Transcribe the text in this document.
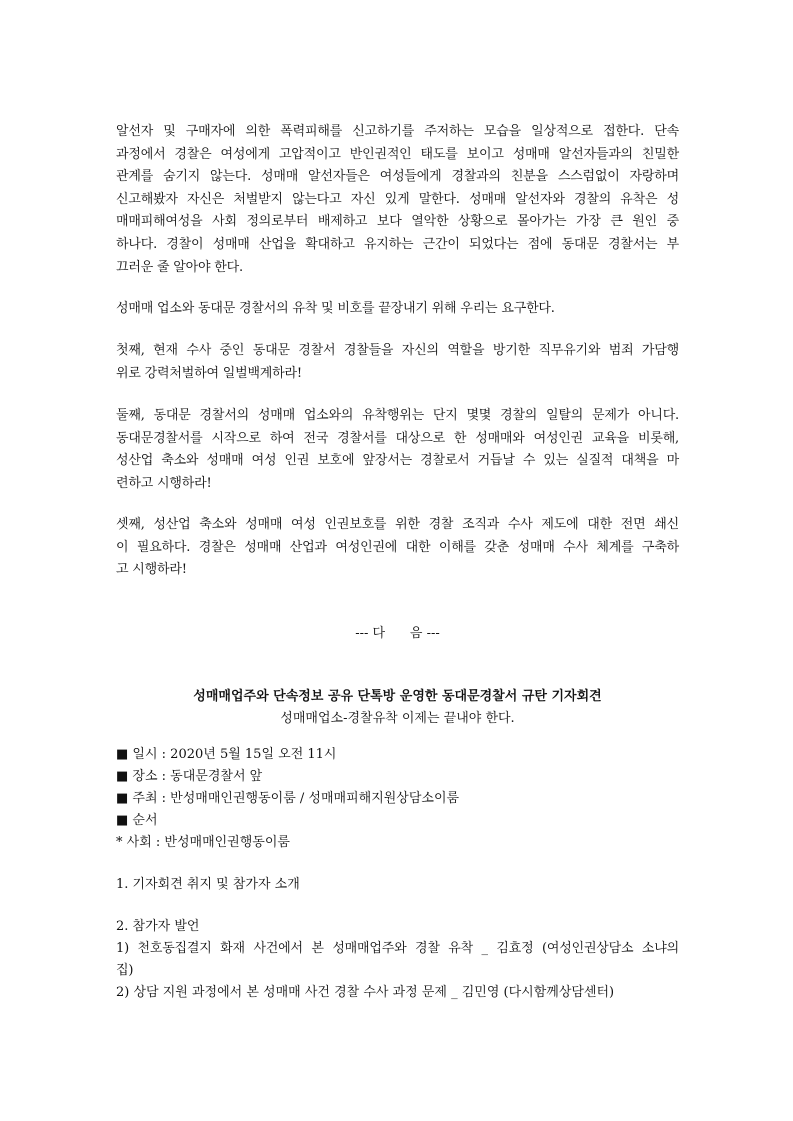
알선자 및 구매자에 의한 폭력피해를 신고하기를 주저하는 모습을 일상적으로 접한다. 단속
과정에서 경찰은 여성에게 고압적이고 반인권적인 태도를 보이고 성매매 알선자들과의 친밀한
관계를 숨기지 않는다. 성매매 알선자들은 여성들에게 경찰과의 친분을 스스럼없이 자랑하며
신고해봤자 자신은 처벌받지 않는다고 자신 있게 말한다. 성매매 알선자와 경찰의 유착은 성
매매피해여성을 사회 정의로부터 배제하고 보다 열악한 상황으로 몰아가는 가장 큰 원인 중
하나다. 경찰이 성매매 산업을 확대하고 유지하는 근간이 되었다는 점에 동대문 경찰서는 부
끄러운 줄 알아야 한다.
성매매 업소와 동대문 경찰서의 유착 및 비호를 끝장내기 위해 우리는 요구한다.
첫째, 현재 수사 중인 동대문 경찰서 경찰들을 자신의 역할을 방기한 직무유기와 범죄 가담행
위로 강력처벌하여 일벌백계하라!
둘째, 동대문 경찰서의 성매매 업소와의 유착행위는 단지 몇몇 경찰의 일탈의 문제가 아니다.
동대문경찰서를 시작으로 하여 전국 경찰서를 대상으로 한 성매매와 여성인권 교육을 비롯해,
성산업 축소와 성매매 여성 인권 보호에 앞장서는 경찰로서 거듭날 수 있는 실질적 대책을 마
련하고 시행하라!
셋째, 성산업 축소와 성매매 여성 인권보호를 위한 경찰 조직과 수사 제도에 대한 전면 쇄신
이 필요하다. 경찰은 성매매 산업과 여성인권에 대한 이해를 갖춘 성매매 수사 체계를 구축하
고 시행하라!

--- 다      음 ---

성매매업주와 단속정보 공유 단톡방 운영한 동대문경찰서 규탄 기자회견

성매매업소-경찰유착 이제는 끝내야 한다.

■ 일시 : 2020년 5월 15일 오전 11시

■ 장소 : 동대문경찰서 앞

■ 주최 : 반성매매인권행동이룸 / 성매매피해지원상담소이룸

■ 순서

* 사회 : 반성매매인권행동이룸

1. 기자회견 취지 및 참가자 소개

2. 참가자 발언

1) 천호동집결지 화재 사건에서 본 성매매업주와 경찰 유착 _ 김효정 (여성인권상담소 소냐의
집)

2) 상담 지원 과정에서 본 성매매 사건 경찰 수사 과정 문제 _ 김민영 (다시함께상담센터)
